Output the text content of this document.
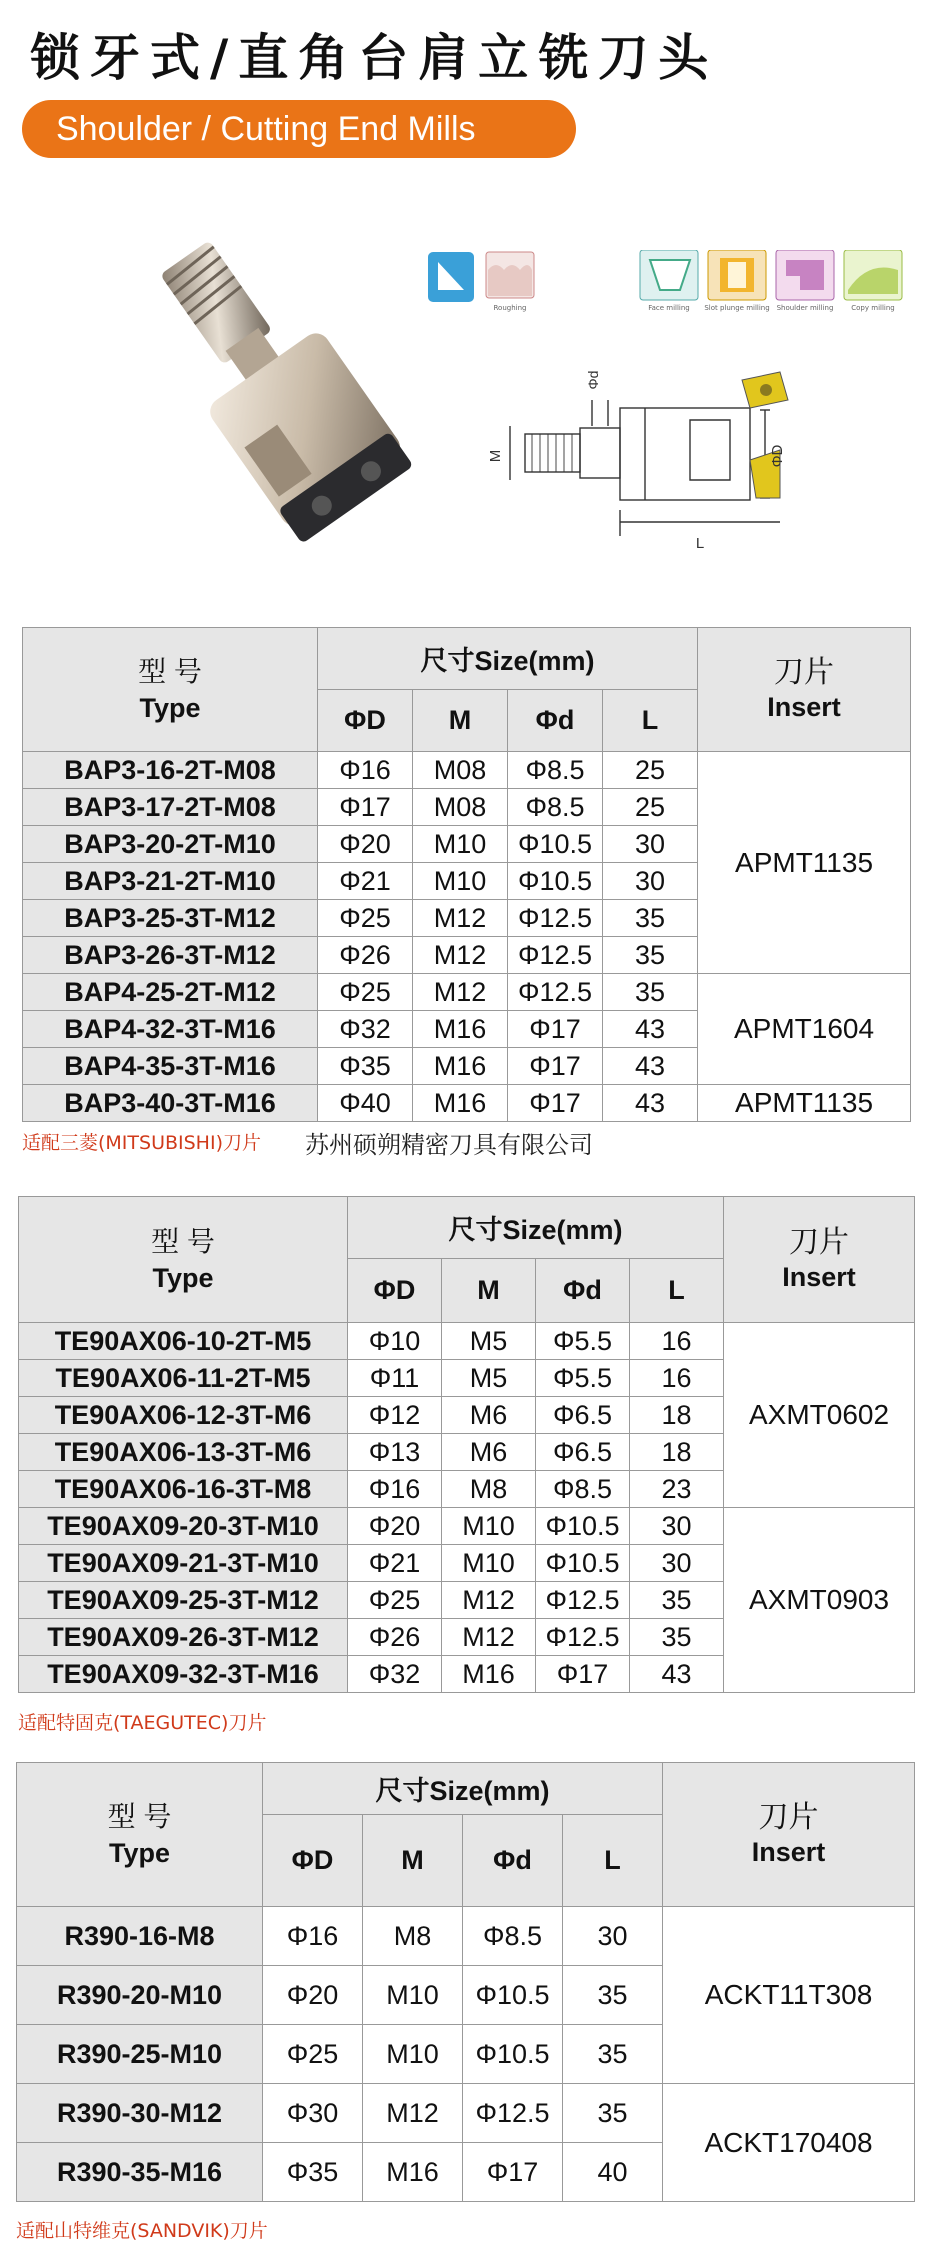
锁牙式/直角台肩立铣刀头
Shoulder / Cutting End Mills
Roughing	Face milling Slot plunge milling Shoulder milling	Copy milling
Φd
M	ΦD
L
型 号
Type	尺寸Size(mm)				刀片
Insert

	ΦD	M	Φd	L	
BAP3-16-2T-M08	Φ16	M08	Φ8.5	25	APMT1135
BAP3-17-2T-M08	Φ17	M08	Φ8.5	25	
BAP3-20-2T-M10	Φ20	M10	Φ10.5	30	
BAP3-21-2T-M10	Φ21	M10	Φ10.5	30	
BAP3-25-3T-M12	Φ25	M12	Φ12.5	35	
BAP3-26-3T-M12	Φ26	M12	Φ12.5	35	
BAP4-25-2T-M12	Φ25	M12	Φ12.5	35	APMT1604
BAP4-32-3T-M16	Φ32	M16	Φ17	43	
BAP4-35-3T-M16	Φ35	M16	Φ17	43	
BAP3-40-3T-M16	Φ40	M16	Φ17	43	APMT1135
适配三菱(MITSUBISHI)刀片 苏州硕朔精密刀具有限公司
型 号
Type	尺寸Size(mm)				刀片
Insert

	ΦD	M	Φd	L	
TE90AX06-10-2T-M5	Φ10	M5	Φ5.5	16	AXMT0602
TE90AX06-11-2T-M5	Φ11	M5	Φ5.5	16	
TE90AX06-12-3T-M6	Φ12	M6	Φ6.5	18	
TE90AX06-13-3T-M6	Φ13	M6	Φ6.5	18	
TE90AX06-16-3T-M8	Φ16	M8	Φ8.5	23	
TE90AX09-20-3T-M10	Φ20	M10	Φ10.5	30	AXMT0903
TE90AX09-21-3T-M10	Φ21	M10	Φ10.5	30	
TE90AX09-25-3T-M12	Φ25	M12	Φ12.5	35	
TE90AX09-26-3T-M12	Φ26	M12	Φ12.5	35	
TE90AX09-32-3T-M16	Φ32	M16	Φ17	43	
适配特固克(TAEGUTEC)刀片
型 号
Type	尺寸Size(mm)				刀片
Insert

	ΦD	M	Φd	L	
R390-16-M8	Φ16	M8	Φ8.5	30	ACKT11T308
R390-20-M10	Φ20	M10	Φ10.5	35	
R390-25-M10	Φ25	M10	Φ10.5	35	
R390-30-M12	Φ30	M12	Φ12.5	35	ACKT170408
R390-35-M16	Φ35	M16	Φ17	40	
适配山特维克(SANDVIK)刀片
